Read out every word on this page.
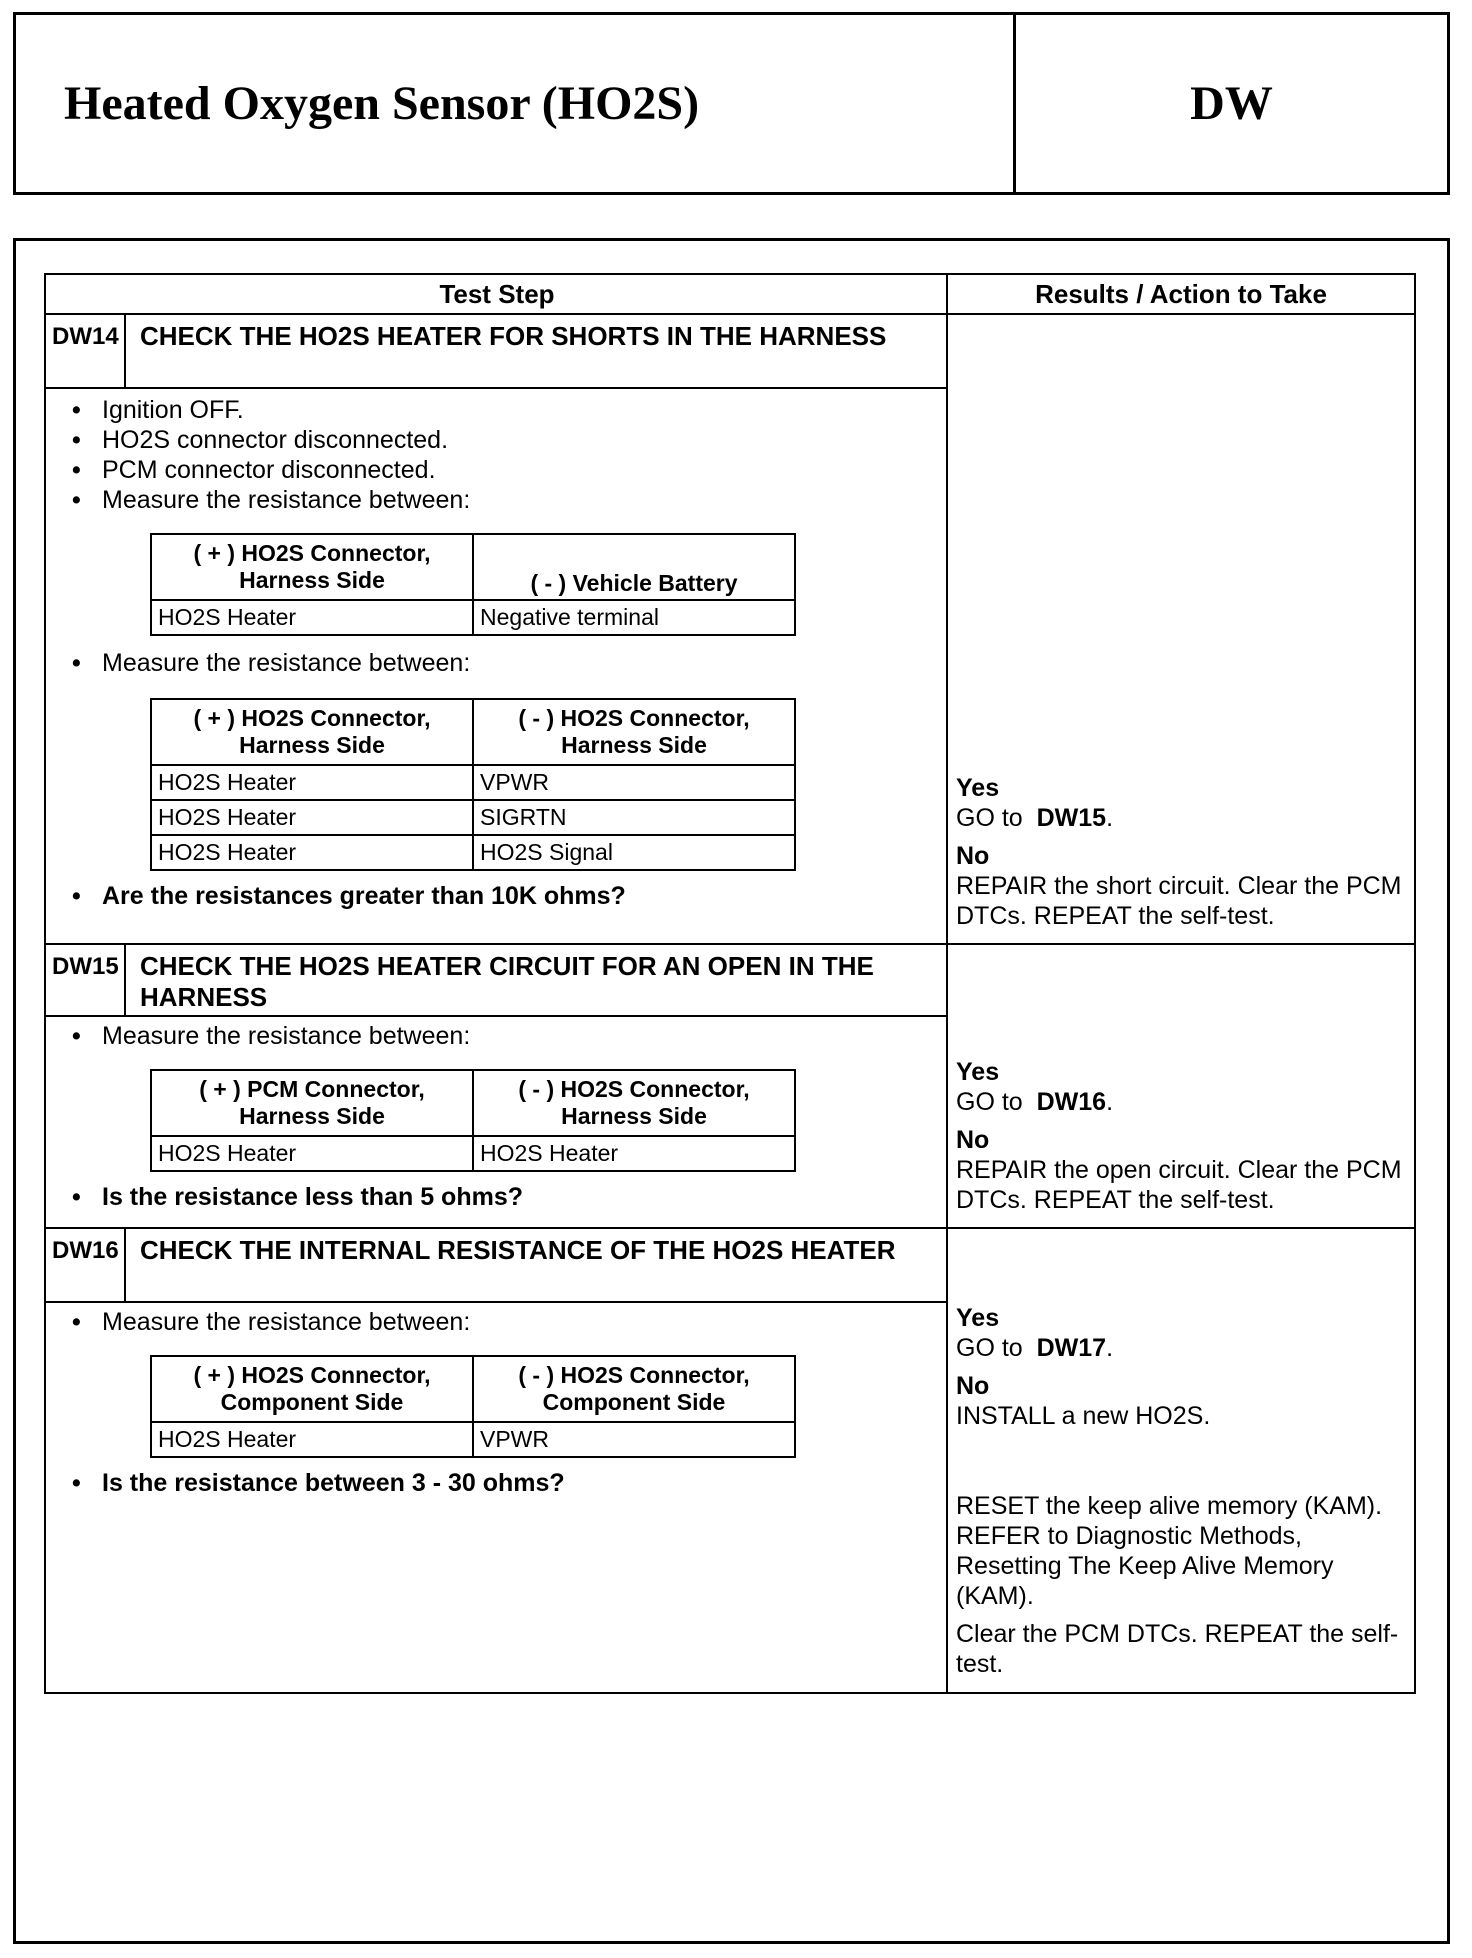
Heated Oxygen Sensor (HO2S)	DW
Test Step	Results / Action to Take
DW14 CHECK THE HO2S HEATER FOR SHORTS IN THE HARNESS
• Ignition OFF.
• HO2S connector disconnected.
• PCM connector disconnected.
• Measure the resistance between:
( + ) HO2S Connector, Harness Side	( - ) Vehicle Battery
HO2S Heater	Negative terminal
• Measure the resistance between:
( + ) HO2S Connector, Harness Side	( - ) HO2S Connector, Harness Side
HO2S Heater	VPWR
HO2S Heater	SIGRTN
HO2S Heater	HO2S Signal
• Are the resistances greater than 10K ohms?

Yes

GO to DW15.

No

REPAIR the short circuit. Clear the PCM DTCs. REPEAT the self-test.

DW15 CHECK THE HO2S HEATER CIRCUIT FOR AN OPEN IN THE HARNESS
• Measure the resistance between:
( + ) PCM Connector, Harness Side	( - ) HO2S Connector, Harness Side
HO2S Heater	HO2S Heater
• Is the resistance less than 5 ohms?

Yes

GO to DW16.

No

REPAIR the open circuit. Clear the PCM DTCs. REPEAT the self-test.

DW16 CHECK THE INTERNAL RESISTANCE OF THE HO2S HEATER
• Measure the resistance between:
( + ) HO2S Connector, Component Side	( - ) HO2S Connector, Component Side
HO2S Heater	VPWR
• Is the resistance between 3 - 30 ohms?

Yes

GO to DW17.

No

INSTALL a new HO2S.

RESET the keep alive memory (KAM). REFER to Diagnostic Methods, Resetting The Keep Alive Memory (KAM).

Clear the PCM DTCs. REPEAT the self-test.
